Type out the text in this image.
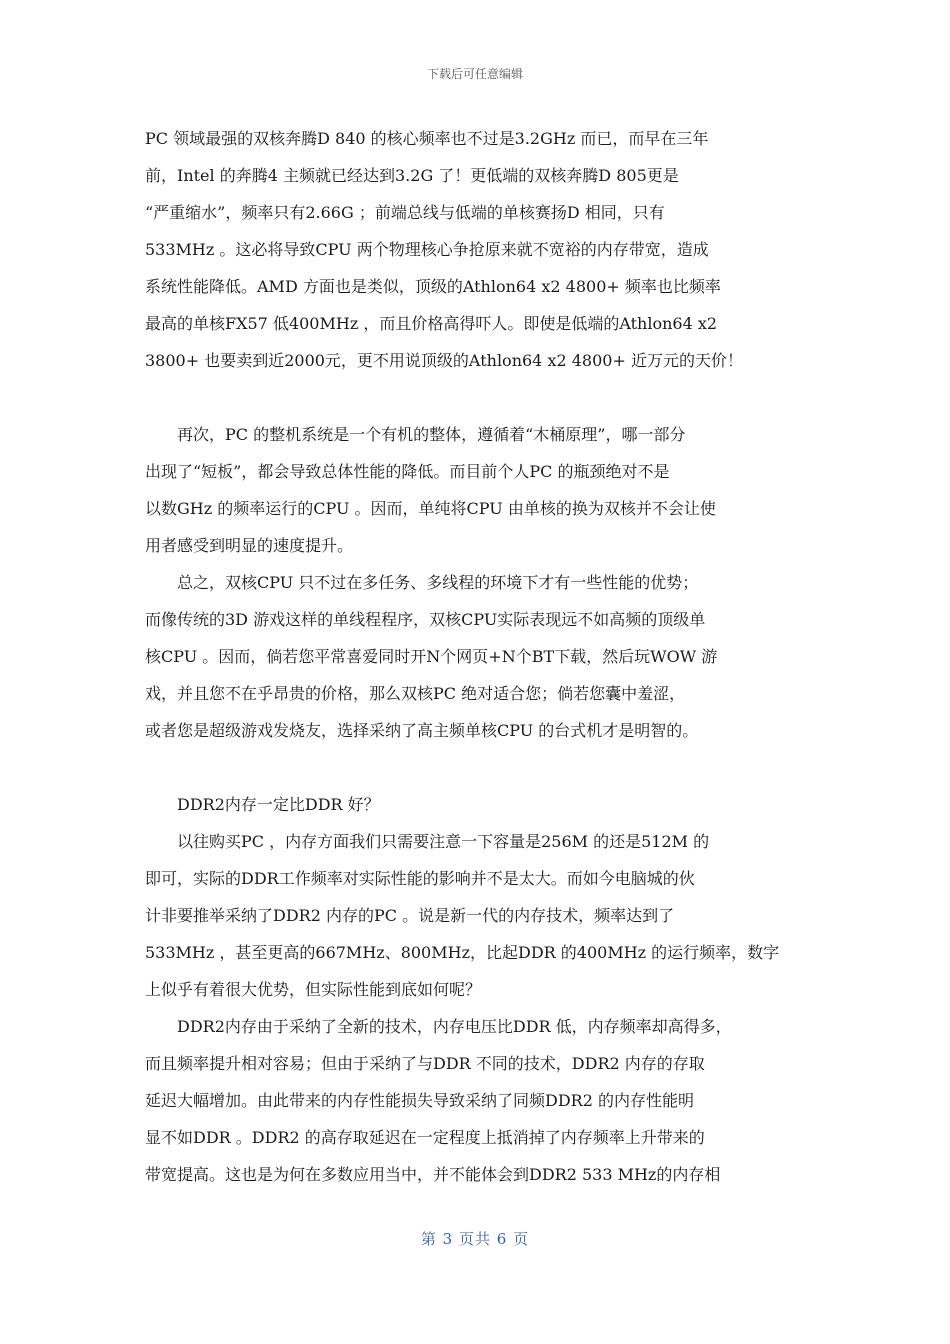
下载后可任意编辑
PC 领域最强的双核奔腾D 840 的核心频率也不过是3.2GHz 而已，而早在三年
前，Intel 的奔腾4 主频就已经达到3.2G 了！更低端的双核奔腾D 805更是
“严重缩水”，频率只有2.66G ；前端总线与低端的单核赛扬D 相同，只有
533MHz 。这必将导致CPU 两个物理核心争抢原来就不宽裕的内存带宽，造成
系统性能降低。AMD 方面也是类似，顶级的Athlon64 x2 4800+ 频率也比频率
最高的单核FX57 低400MHz ，而且价格高得吓人。即使是低端的Athlon64 x2
3800+ 也要卖到近2000元，更不用说顶级的Athlon64 x2 4800+ 近万元的天价！
　　再次，PC 的整机系统是一个有机的整体，遵循着“木桶原理”，哪一部分
出现了“短板”，都会导致总体性能的降低。而目前个人PC 的瓶颈绝对不是
以数GHz 的频率运行的CPU 。因而，单纯将CPU 由单核的换为双核并不会让使
用者感受到明显的速度提升。
　　总之，双核CPU 只不过在多任务、多线程的环境下才有一些性能的优势；
而像传统的3D 游戏这样的单线程程序，双核CPU实际表现远不如高频的顶级单
核CPU 。因而，倘若您平常喜爱同时开N个网页+N个BT下载，然后玩WOW 游
戏，并且您不在乎昂贵的价格，那么双核PC 绝对适合您；倘若您囊中羞涩，
或者您是超级游戏发烧友，选择采纳了高主频单核CPU 的台式机才是明智的。
　　DDR2内存一定比DDR 好？
　　以往购买PC ，内存方面我们只需要注意一下容量是256M 的还是512M 的
即可，实际的DDR工作频率对实际性能的影响并不是太大。而如今电脑城的伙
计非要推举采纳了DDR2 内存的PC 。说是新一代的内存技术，频率达到了
533MHz ，甚至更高的667MHz、800MHz，比起DDR 的400MHz 的运行频率，数字
上似乎有着很大优势，但实际性能到底如何呢？
　　DDR2内存由于采纳了全新的技术，内存电压比DDR 低，内存频率却高得多，
而且频率提升相对容易；但由于采纳了与DDR 不同的技术，DDR2 内存的存取
延迟大幅增加。由此带来的内存性能损失导致采纳了同频DDR2 的内存性能明
显不如DDR 。DDR2 的高存取延迟在一定程度上抵消掉了内存频率上升带来的
带宽提高。这也是为何在多数应用当中，并不能体会到DDR2 533 MHz的内存相
第 3 页共 6 页
